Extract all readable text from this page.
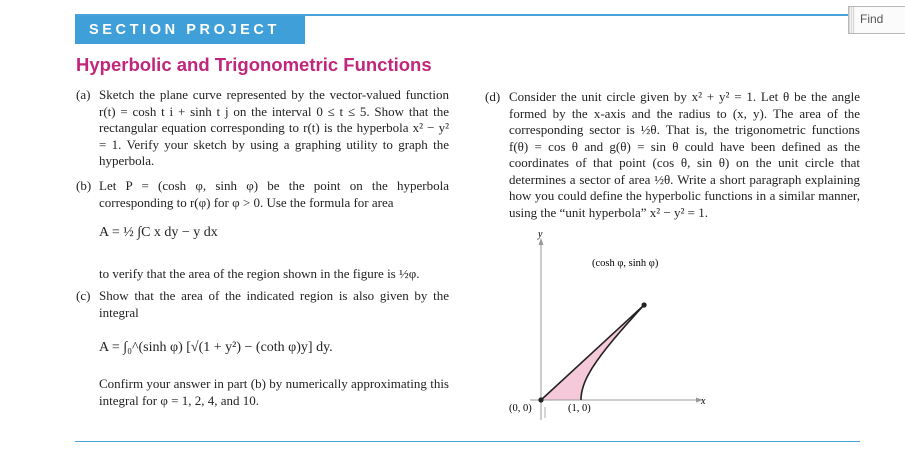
SECTION PROJECT
Hyperbolic and Trigonometric Functions
Find
(a) Sketch the plane curve represented by the vector-valued function r(t) = cosh t i + sinh t j on the interval 0 ≤ t ≤ 5. Show that the rectangular equation corresponding to r(t) is the hyperbola x² − y² = 1. Verify your sketch by using a graphing utility to graph the hyperbola.
(b) Let P = (cosh φ, sinh φ) be the point on the hyperbola corresponding to r(φ) for φ > 0. Use the formula for area
A = ½ ∫C x dy − y dx
to verify that the area of the region shown in the figure is ½φ.
(c) Show that the area of the indicated region is also given by the integral
A = ∫₀^(sinh φ) [√(1 + y²) − (coth φ)y] dy.
Confirm your answer in part (b) by numerically approximating this integral for φ = 1, 2, 4, and 10.
(d) Consider the unit circle given by x² + y² = 1. Let θ be the angle formed by the x-axis and the radius to (x, y). The area of the corresponding sector is ½θ. That is, the trigonometric functions f(θ) = cos θ and g(θ) = sin θ could have been defined as the coordinates of that point (cos θ, sin θ) on the unit circle that determines a sector of area ½θ. Write a short paragraph explaining how you could define the hyperbolic functions in a similar manner, using the “unit hyperbola” x² − y² = 1.
y
x
(cosh φ, sinh φ)
(0, 0)	(1, 0)
